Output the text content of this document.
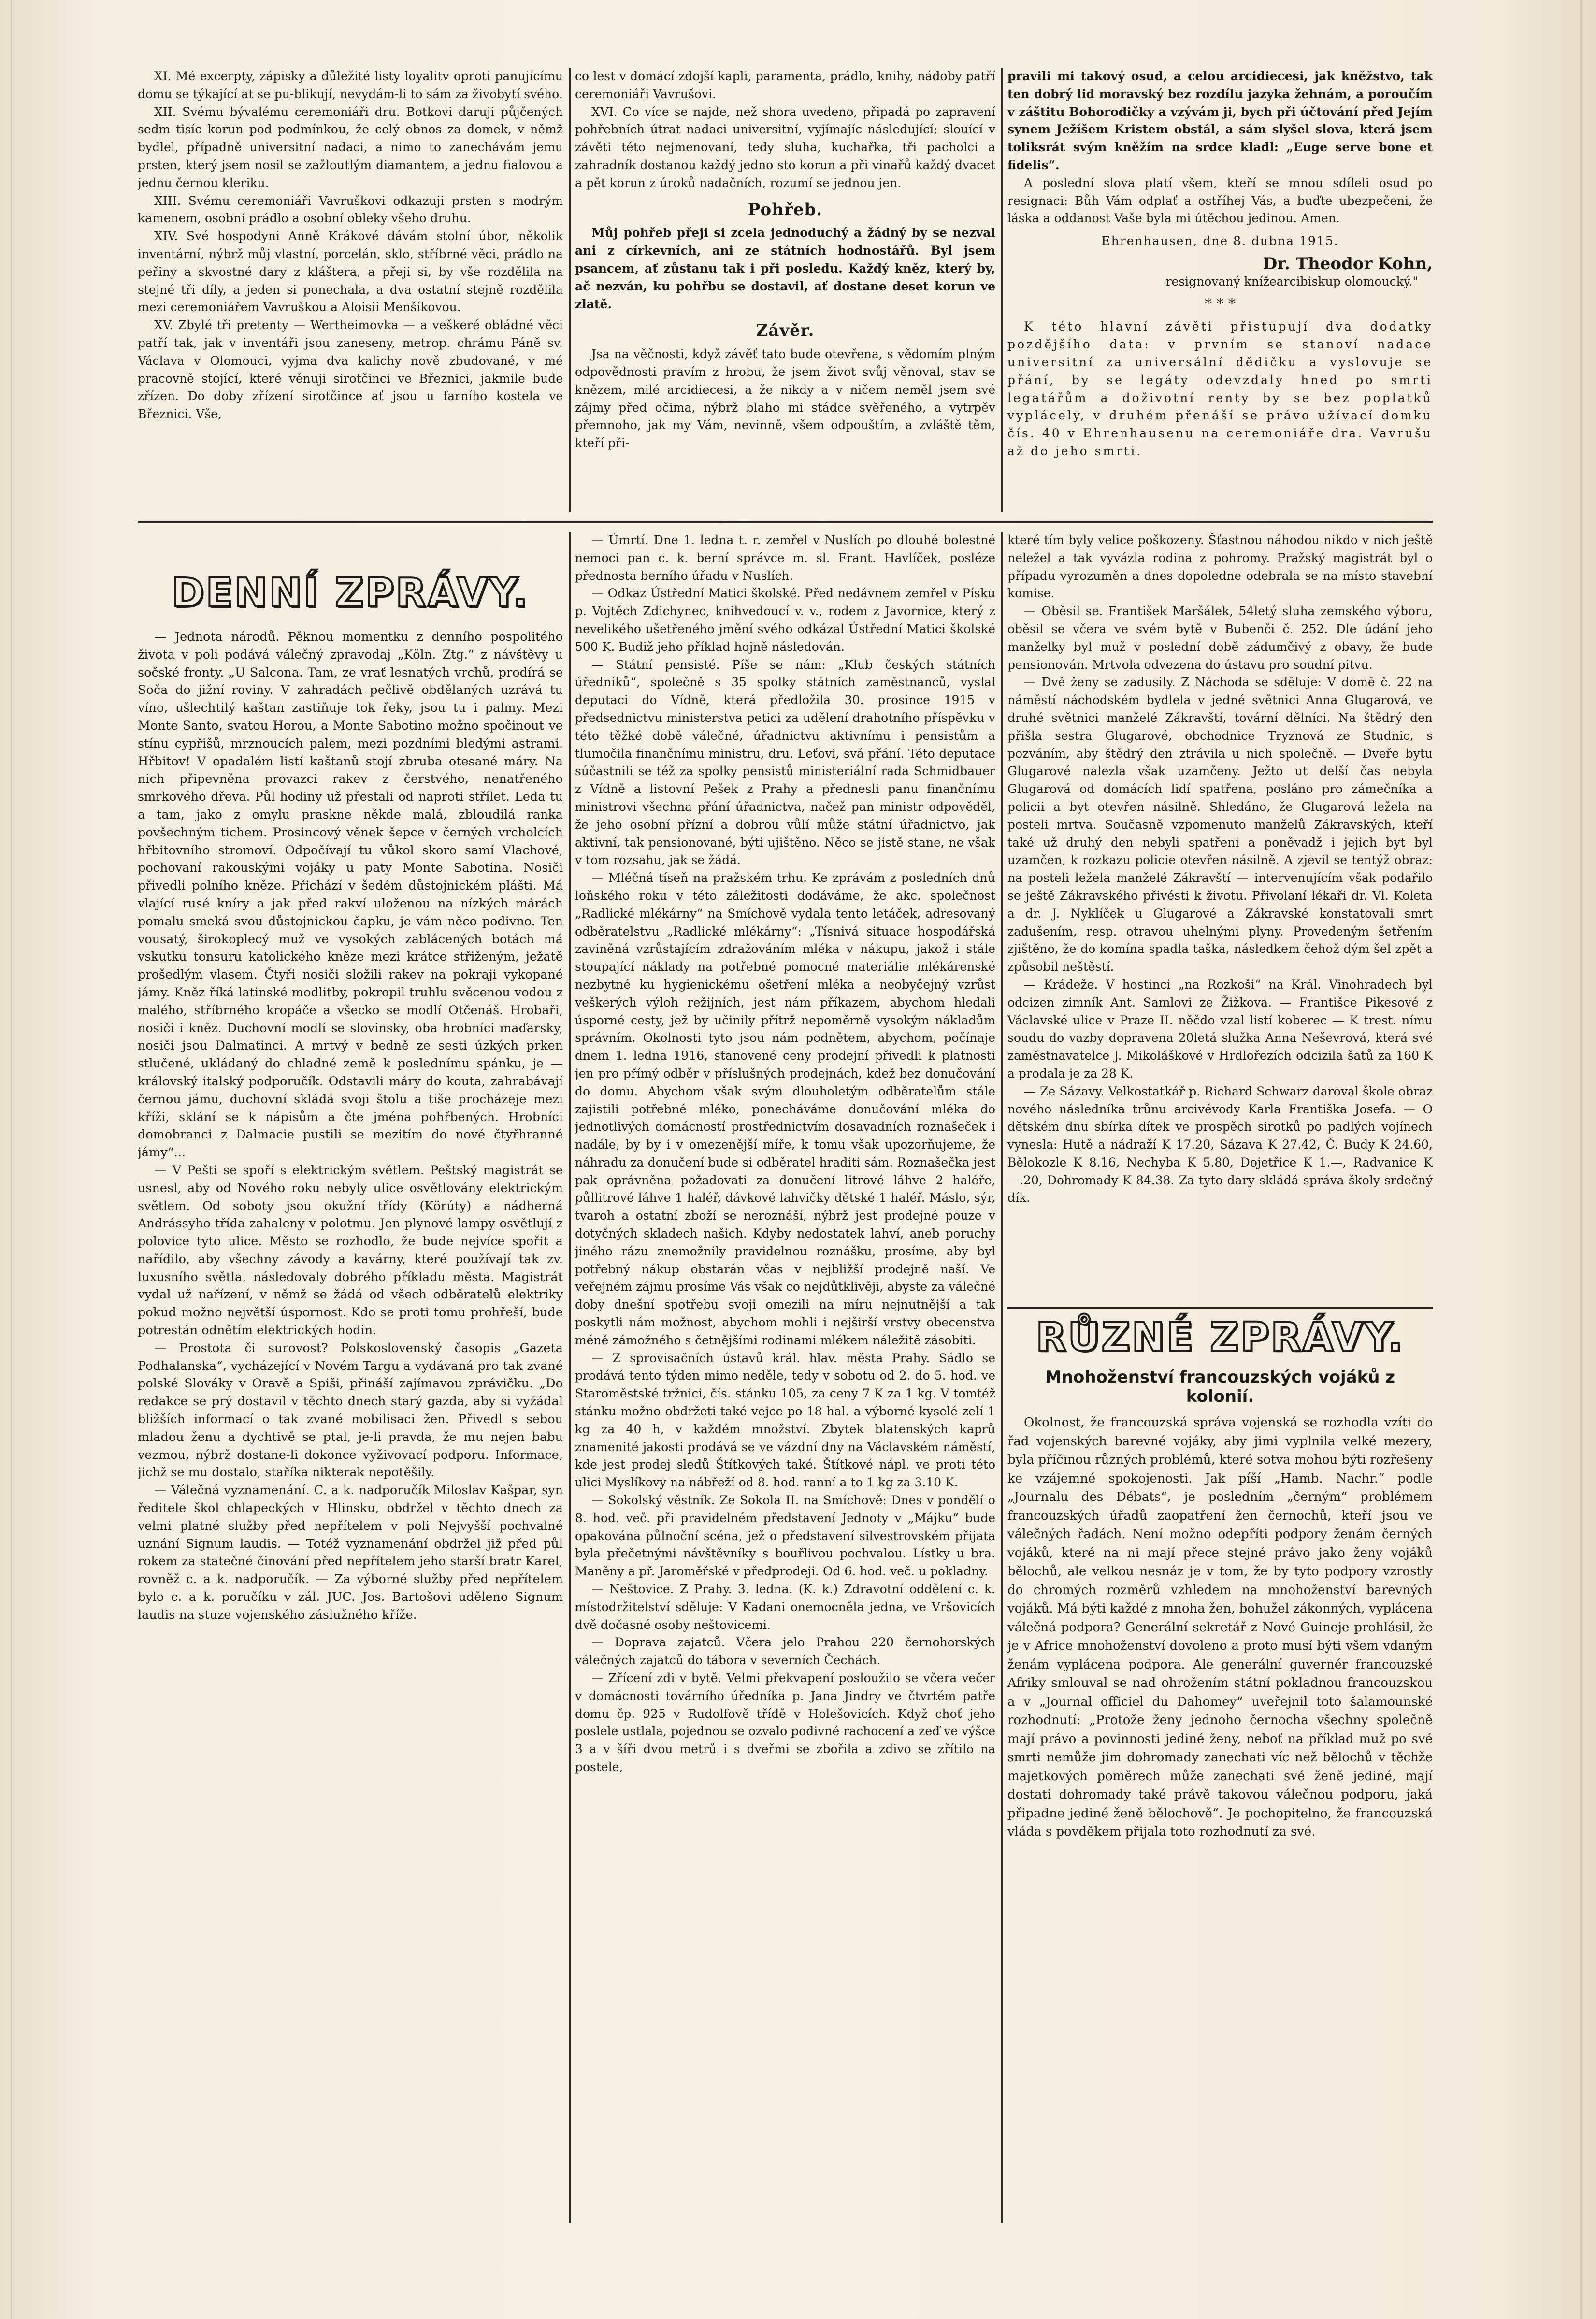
XI. Mé excerpty, zápisky a důležité listy loyalitv oproti panujícímu domu se týkající at se pu-blikují, nevydám-li to sám za živobytí svého.

XII. Svému bývalému ceremoniáři dru. Botkovi daruji půjčených sedm tisíc korun pod podmínkou, že celý obnos za domek, v němž bydlel, případně universitní nadaci, a nimo to zanechávám jemu prsten, který jsem nosil se zažloutlým diamantem, a jednu fialovou a jednu černou kleriku.

XIII. Svému ceremoniáři Vavruškovi odkazuji prsten s modrým kamenem, osobní prádlo a osobní obleky všeho druhu.

XIV. Své hospodyni Anně Krákové dávám stolní úbor, několik inventární, nýbrž můj vlastní, porcelán, sklo, stříbrné věci, prádlo na peřiny a skvostné dary z kláštera, a přeji si, by vše rozdělila na stejné tři díly, a jeden si ponechala, a dva ostatní stejně rozdělila mezi ceremoniářem Vavruškou a Aloisii Menšíkovou.

XV. Zbylé tři pretenty — Wertheimovka — a veškeré obládné věci patří tak, jak v inventáři jsou zaneseny, metrop. chrámu Páně sv. Václava v Olomouci, vyjma dva kalichy nově zbudované, v mé pracovně stojící, které věnuji sirotčinci ve Březnici, jakmile bude zřízen. Do doby zřízení sirotčince ať jsou u farního kostela ve Březnici. Vše,

co lest v domácí zdojší kapli, paramenta, prádlo, knihy, nádoby patří ceremoniáři Vavrušovi.

XVI. Co více se najde, než shora uvedeno, připadá po zapravení pohřebních útrat nadaci universitní, vyjímajíc následující: slouící v závěti této nejmenovaní, tedy sluha, kuchařka, tři pacholci a zahradník dostanou každý jedno sto korun a při vinařů každý dvacet a pět korun z úroků nadačních, rozumí se jednou jen.

Pohřeb.

Můj pohřeb přeji si zcela jednoduchý a žádný by se nezval ani z církevních, ani ze státních hodnostářů. Byl jsem psancem, ať zůstanu tak i při posledu. Každý kněz, který by, ač nezván, ku pohřbu se dostavil, ať dostane deset korun ve zlatě.

Závěr.

Jsa na věčnosti, když závěť tato bude otevřena, s vědomím plným odpovědnosti pravím z hrobu, že jsem život svůj věnoval, stav se knězem, milé arcidiecesi, a že nikdy a v ničem neměl jsem své zájmy před očima, nýbrž blaho mi stádce svěřeného, a vytrpěv přemnoho, jak my Vám, nevinně, všem odpouštím, a zvláště těm, kteří při-

pravili mi takový osud, a celou arcidiecesi, jak kněžstvo, tak ten dobrý lid moravský bez rozdílu jazyka žehnám, a poroučím v záštitu Bohorodičky a vzývám ji, bych při účtování před Jejím synem Ježíšem Kristem obstál, a sám slyšel slova, která jsem toliksrát svým kněžím na srdce kladl: „Euge serve bone et fidelis“.

A poslední slova platí všem, kteří se mnou sdíleli osud po resignaci: Bůh Vám odplať a ostříhej Vás, a buďte ubezpečeni, že láska a oddanost Vaše byla mi útěchou jedinou. Amen.

Ehrenhausen, dne 8. dubna 1915.
Dr. Theodor Kohn,
resignovaný knížearcibiskup olomoucký."
* * *

K této hlavní závěti přistupují dva dodatky pozdějšího data: v prvním se stanoví nadace universitní za universální dědičku a vyslovuje se přání, by se legáty odevzdaly hned po smrti legatářům a doživotní renty by se bez poplatků vyplácely, v druhém přenáší se právo užívací domku čís. 40 v Ehrenhausenu na ceremoniáře dra. Vavrušu až do jeho smrti.

DENNÍ ZPRÁVY.

— Jednota národů. Pěknou momentku z denního pospolitého života v poli podává válečný zpravodaj „Köln. Ztg.“ z návštěvy u sočské fronty. „U Salcona. Tam, ze vrať lesnatých vrchů, prodírá se Soča do jižní roviny. V zahradách pečlivě obdělaných uzrává tu víno, ušlechtilý kaštan zastiňuje tok řeky, jsou tu i palmy. Mezi Monte Santo, svatou Horou, a Monte Sabotino možno spočinout ve stínu cypřišů, mrznoucích palem, mezi pozdními bledými astrami. Hřbitov! V opadalém listí kaštanů stojí zbruba otesané máry. Na nich připevněna provazci rakev z čerstvého, nenatřeného smrkového dřeva. Půl hodiny už přestali od naproti střílet. Leda tu a tam, jako z omylu praskne někde malá, zbloudilá ranka povšechným tichem. Prosincový věnek šepce v černých vrcholcích hřbitovního stromoví. Odpočívají tu vůkol skoro samí Vlachové, pochovaní rakouskými vojáky u paty Monte Sabotina. Nosiči přivedli polního kněze. Přichází v šedém důstojnickém plášti. Má vlající rusé kníry a jak před rakví uloženou na nízkých márách pomalu smeká svou důstojnickou čapku, je vám něco podivno. Ten vousatý, širokoplecý muž ve vysokých zablácených botách má vskutku tonsuru katolického kněze mezi krátce střiženým, ježatě prošedlým vlasem. Čtyři nosiči složili rakev na pokraji vykopané jámy. Kněz říká latinské modlitby, pokropil truhlu svěcenou vodou z malého, stříbrného kropáče a všecko se modlí Otčenáš. Hrobaři, nosiči i kněz. Duchovní modlí se slovinsky, oba hrobníci maďarsky, nosiči jsou Dalmatinci. A mrtvý v bedně ze sesti úzkých prken stlučené, ukládaný do chladné země k poslednímu spánku, je — královský italský podporučík. Odstavili máry do kouta, zahrabávají černou jámu, duchovní skládá svoji štolu a tiše procházeje mezi kříži, sklání se k nápisům a čte jména pohřbených. Hrobníci domobranci z Dalmacie pustili se mezitím do nové čtyřhranné jámy“...

— V Pešti se spoří s elektrickým světlem. Peštský magistrát se usnesl, aby od Nového roku nebyly ulice osvětlovány elektrickým světlem. Od soboty jsou okužní třídy (Körúty) a nádherná Andrássyho třída zahaleny v polotmu. Jen plynové lampy osvětlují z polovice tyto ulice. Město se rozhodlo, že bude nejvíce spořit a nařídilo, aby všechny závody a kavárny, které používají tak zv. luxusního světla, následovaly dobrého příkladu města. Magistrát vydal už nařízení, v němž se žádá od všech odběratelů elektriky pokud možno největší úspornost. Kdo se proti tomu prohřeší, bude potrestán odnětím elektrických hodin.

— Prostota či surovost? Polskoslovenský časopis „Gazeta Podhalanska“, vycházející v Novém Targu a vydávaná pro tak zvané polské Slováky v Oravě a Spiši, přináší zajímavou zprávičku. „Do redakce se prý dostavil v těchto dnech starý gazda, aby si vyžádal bližších informací o tak zvané mobilisaci žen. Přivedl s sebou mladou ženu a dychtivě se ptal, je-li pravda, že mu nejen babu vezmou, nýbrž dostane-li dokonce vyživovací podporu. Informace, jichž se mu dostalo, staříka nikterak nepotěšily.

— Válečná vyznamenání. C. a k. nadporučík Miloslav Kašpar, syn ředitele škol chlapeckých v Hlinsku, obdržel v těchto dnech za velmi platné služby před nepřítelem v poli Nejvyšší pochvalné uznání Signum laudis. — Totéž vyznamenání obdržel již před půl rokem za statečné činování před nepřítelem jeho starší bratr Karel, rovněž c. a k. nadporučík. — Za výborné služby před nepřítelem bylo c. a k. poručíku v zál. JUC. Jos. Bartošovi uděleno Signum laudis na stuze vojenského záslužného kříže.

— Úmrtí. Dne 1. ledna t. r. zemřel v Nuslích po dlouhé bolestné nemoci pan c. k. berní správce m. sl. Frant. Havlíček, posléze přednosta berního úřadu v Nuslích.

— Odkaz Ústřední Matici školské. Před nedávnem zemřel v Písku p. Vojtěch Zdichynec, knihvedoucí v. v., rodem z Javornice, který z nevelikého ušetřeného jmění svého odkázal Ústřední Matici školské 500 K. Budiž jeho příklad hojně následován.

— Státní pensisté. Píše se nám: „Klub českých státních úředníků“, společně s 35 spolky státních zaměstnanců, vyslal deputaci do Vídně, která předložila 30. prosince 1915 v předsednictvu ministerstva petici za udělení drahotního příspěvku v této těžké době válečné, úřadnictvu aktivnímu i pensistům a tlumočila finančnímu ministru, dru. Leťovi, svá přání. Této deputace súčastnili se též za spolky pensistů ministeriální rada Schmidbauer z Vídně a listovní Pešek z Prahy a přednesli panu finančnímu ministrovi všechna přání úřadnictva, načež pan ministr odpověděl, že jeho osobní přízní a dobrou vůlí může státní úřadnictvo, jak aktivní, tak pensionované, býti ujištěno. Něco se jistě stane, ne však v tom rozsahu, jak se žádá.

— Mléčná tíseň na pražském trhu. Ke zprávám z posledních dnů loňského roku v této záležitosti dodáváme, že akc. společnost „Radlické mlékárny“ na Smíchově vydala tento letáček, adresovaný odběratelstvu „Radlické mlékárny“: „Tísnivá situace hospodářská zaviněná vzrůstajícím zdražováním mléka v nákupu, jakož i stále stoupající náklady na potřebné pomocné materiálie mlékárenské nezbytné ku hygienickému ošetření mléka a neobyčejný vzrůst veškerých výloh režijních, jest nám příkazem, abychom hledali úsporné cesty, jež by učinily přítrž nepoměrně vysokým nákladům správním. Okolnosti tyto jsou nám podnětem, abychom, počínaje dnem 1. ledna 1916, stanovené ceny prodejní přivedli k platnosti jen pro přímý odběr v příslušných prodejnách, kdež bez donučování do domu. Abychom však svým dlouholetým odběratelům stále zajistili potřebné mléko, ponecháváme donučování mléka do jednotlivých domácností prostřednictvím dosavadních roznašeček i nadále, by by i v omezenější míře, k tomu však upozorňujeme, že náhradu za donučení bude si odběratel hraditi sám. Roznašečka jest pak oprávněna požadovati za donučení litrové láhve 2 haléře, půllitrové láhve 1 haléř, dávkové lahvičky dětské 1 haléř. Máslo, sýr, tvaroh a ostatní zboží se neroznáší, nýbrž jest prodejné pouze v dotyčných skladech našich. Kdyby nedostatek lahví, aneb poruchy jiného rázu znemožnily pravidelnou roznášku, prosíme, aby byl potřebný nákup obstarán včas v nejbližší prodejně naší. Ve veřejném zájmu prosíme Vás však co nejdůtklivěji, abyste za válečné doby dnešní spotřebu svoji omezili na míru nejnutnější a tak poskytli nám možnost, abychom mohli i nejširší vrstvy obecenstva méně zámožného s četnějšími rodinami mlékem náležitě zásobiti.

— Z sprovisačních ústavů král. hlav. města Prahy. Sádlo se prodává tento týden mimo neděle, tedy v sobotu od 2. do 5. hod. ve Staroměstské tržnici, čís. stánku 105, za ceny 7 K za 1 kg. V tomtéž stánku možno obdržeti také vejce po 18 hal. a výborné kyselé zelí 1 kg za 40 h, v každém množství. Zbytek blatenských kaprů znamenité jakosti prodává se ve vázdní dny na Václavském náměstí, kde jest prodej sledů Štítkových také. Štítkové nápl. ve proti této ulici Myslíkovy na nábřeží od 8. hod. ranní a to 1 kg za 3.10 K.

— Sokolský věstník. Ze Sokola II. na Smíchově: Dnes v pondělí o 8. hod. več. při pravidelném představení Jednoty v „Májku“ bude opakována půlnoční scéna, jež o představení silvestrovském přijata byla přečetnými návštěvníky s bouřlivou pochvalou. Lístky u bra. Maněny a př. Jaroměřské v předprodeji. Od 6. hod. več. u pokladny.

— Neštovice. Z Prahy. 3. ledna. (K. k.) Zdravotní oddělení c. k. místodržitelství sděluje: V Kadani onemocněla jedna, ve Vršovicích dvě dočasné osoby neštovicemi.

— Doprava zajatců. Včera jelo Prahou 220 černohorských válečných zajatců do tábora v severních Čechách.

— Zřícení zdi v bytě. Velmi překvapení posloužilo se včera večer v domácnosti továrního úředníka p. Jana Jindry ve čtvrtém patře domu čp. 925 v Rudolfově třídě v Holešovicích. Když choť jeho poslele ustlala, pojednou se ozvalo podivné rachocení a zeď ve výšce 3 a v šíři dvou metrů i s dveřmi se zbořila a zdivo se zřítilo na postele,

které tím byly velice poškozeny. Šťastnou náhodou nikdo v nich ještě neležel a tak vyvázla rodina z pohromy. Pražský magistrát byl o případu vyrozuměn a dnes dopoledne odebrala se na místo stavební komise.

— Oběsil se. František Maršálek, 54letý sluha zemského výboru, oběsil se včera ve svém bytě v Bubenči č. 252. Dle údání jeho manželky byl muž v poslední době zádumčivý z obavy, že bude pensionován. Mrtvola odvezena do ústavu pro soudní pitvu.

— Dvě ženy se zadusily. Z Náchoda se sděluje: V domě č. 22 na náměstí náchodském bydlela v jedné světnici Anna Glugarová, ve druhé světnici manželé Zákravští, tovární dělníci. Na štědrý den přišla sestra Glugarové, obchodnice Tryznová ze Studnic, s pozváním, aby štědrý den ztrávila u nich společně. — Dveře bytu Glugarové nalezla však uzamčeny. Ježto ut delší čas nebyla Glugarová od domácích lidí spatřena, posláno pro zámečníka a policii a byt otevřen násilně. Shledáno, že Glugarová ležela na posteli mrtva. Současně vzpomenuto manželů Zákravských, kteří také už druhý den nebyli spatřeni a poněvadž i jejich byt byl uzamčen, k rozkazu policie otevřen násilně. A zjevil se tentýž obraz: na posteli ležela manželé Zákravští — intervenujícím však podařilo se ještě Zákravského přivésti k životu. Přivolaní lékaři dr. Vl. Koleta a dr. J. Nyklíček u Glugarové a Zákravské konstatovali smrt zadušením, resp. otravou uhelnými plyny. Provedeným šetřením zjištěno, že do komína spadla taška, následkem čehož dým šel zpět a způsobil neštěstí.

— Krádeže. V hostinci „na Rozkoši“ na Král. Vinohradech byl odcizen zimník Ant. Samlovi ze Žižkova. — Františce Pikesové z Václavské ulice v Praze II. něčdo vzal listí koberec — K trest. nímu soudu do vazby dopravena 20letá služka Anna Neševrová, která své zaměstnavatelce J. Mikoláškové v Hrdlořezích odcizila šatů za 160 K a prodala je za 28 K.

— Ze Sázavy. Velkostatkář p. Richard Schwarz daroval škole obraz nového následníka trůnu arcivévody Karla Františka Josefa. — O dětském dnu sbírka dítek ve prospěch sirotků po padlých vojínech vynesla: Hutě a nádraží K 17.20, Sázava K 27.42, Č. Budy K 24.60, Bělokozle K 8.16, Nechyba K 5.80, Dojetřice K 1.—, Radvanice K —.20, Dohromady K 84.38. Za tyto dary skládá správa školy srdečný dík.

RŮZNÉ ZPRÁVY.
Mnohoženství francouzských vojáků z kolonií.

Okolnost, že francouzská správa vojenská se rozhodla vzíti do řad vojenských barevné vojáky, aby jimi vyplnila velké mezery, byla příčinou různých problémů, které sotva mohou býti rozřešeny ke vzájemné spokojenosti. Jak píší „Hamb. Nachr.“ podle „Journalu des Débats“, je posledním „černým“ problémem francouzských úřadů zaopatření žen černochů, kteří jsou ve válečných řadách. Není možno odepříti podpory ženám černých vojáků, které na ni mají přece stejné právo jako ženy vojáků bělochů, ale velkou nesnáz je v tom, že by tyto podpory vzrostly do chromých rozměrů vzhledem na mnohoženství barevných vojáků. Má býti každé z mnoha žen, bohužel zákonných, vyplácena válečná podpora? Generální sekretář z Nové Guineje prohlásil, že je v Africe mnohoženství dovoleno a proto musí býti všem vdaným ženám vyplácena podpora. Ale generální guvernér francouzské Afriky smlouval se nad ohrožením státní pokladnou francouzskou a v „Journal officiel du Dahomey“ uveřejnil toto šalamounské rozhodnutí: „Protože ženy jednoho černocha všechny společně mají právo a povinnosti jediné ženy, neboť na příklad muž po své smrti nemůže jim dohromady zanechati víc než bělochů v těchže majetkových poměrech může zanechati své ženě jediné, mají dostati dohromady také právě takovou válečnou podporu, jaká připadne jediné ženě bělochově“. Je pochopitelno, že francouzská vláda s povděkem přijala toto rozhodnutí za své.
